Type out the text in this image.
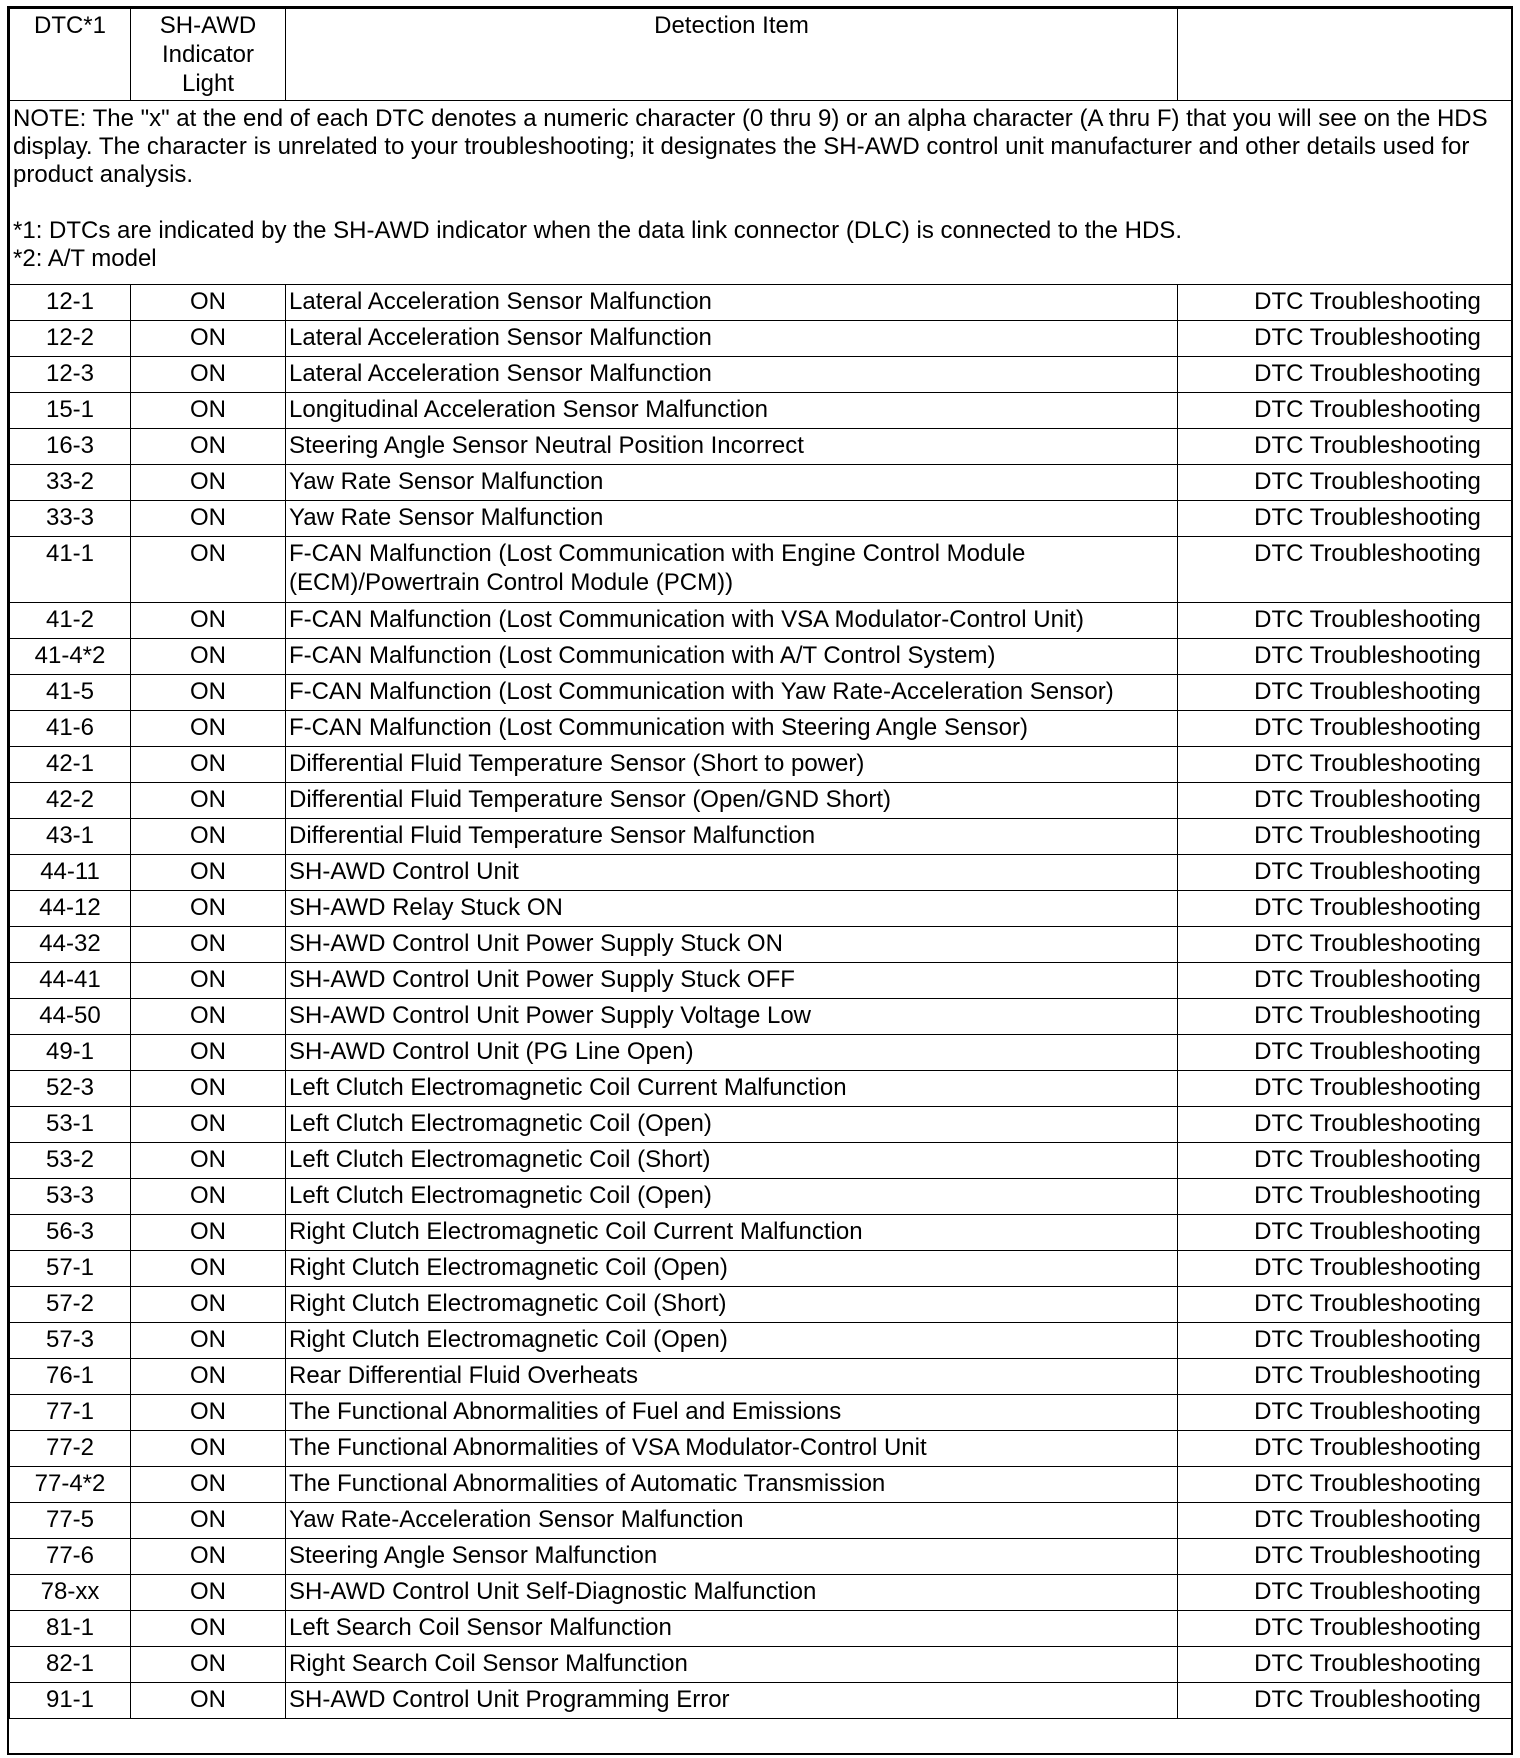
DTC*1	SH-AWD
Indicator
Light	Detection Item	

NOTE: The "x" at the end of each DTC denotes a numeric character (0 thru 9) or an alpha character (A thru F) that you will see on the HDS display. The character is unrelated to your troubleshooting; it designates the SH-AWD control unit manufacturer and other details used for product analysis.

*1: DTCs are indicated by the SH-AWD indicator when the data link connector (DLC) is connected to the HDS.

*2: A/T model			

12-1	ON	Lateral Acceleration Sensor Malfunction	DTC Troubleshooting
12-2	ON	Lateral Acceleration Sensor Malfunction	DTC Troubleshooting
12-3	ON	Lateral Acceleration Sensor Malfunction	DTC Troubleshooting
15-1	ON	Longitudinal Acceleration Sensor Malfunction	DTC Troubleshooting
16-3	ON	Steering Angle Sensor Neutral Position Incorrect	DTC Troubleshooting
33-2	ON	Yaw Rate Sensor Malfunction	DTC Troubleshooting
33-3	ON	Yaw Rate Sensor Malfunction	DTC Troubleshooting
41-1	ON	F-CAN Malfunction (Lost Communication with Engine Control Module (ECM)/Powertrain Control Module (PCM))	DTC Troubleshooting
41-2	ON	F-CAN Malfunction (Lost Communication with VSA Modulator-Control Unit)	DTC Troubleshooting
41-4*2	ON	F-CAN Malfunction (Lost Communication with A/T Control System)	DTC Troubleshooting
41-5	ON	F-CAN Malfunction (Lost Communication with Yaw Rate-Acceleration Sensor)	DTC Troubleshooting
41-6	ON	F-CAN Malfunction (Lost Communication with Steering Angle Sensor)	DTC Troubleshooting
42-1	ON	Differential Fluid Temperature Sensor (Short to power)	DTC Troubleshooting
42-2	ON	Differential Fluid Temperature Sensor (Open/GND Short)	DTC Troubleshooting
43-1	ON	Differential Fluid Temperature Sensor Malfunction	DTC Troubleshooting
44-11	ON	SH-AWD Control Unit	DTC Troubleshooting
44-12	ON	SH-AWD Relay Stuck ON	DTC Troubleshooting
44-32	ON	SH-AWD Control Unit Power Supply Stuck ON	DTC Troubleshooting
44-41	ON	SH-AWD Control Unit Power Supply Stuck OFF	DTC Troubleshooting
44-50	ON	SH-AWD Control Unit Power Supply Voltage Low	DTC Troubleshooting
49-1	ON	SH-AWD Control Unit (PG Line Open)	DTC Troubleshooting
52-3	ON	Left Clutch Electromagnetic Coil Current Malfunction	DTC Troubleshooting
53-1	ON	Left Clutch Electromagnetic Coil (Open)	DTC Troubleshooting
53-2	ON	Left Clutch Electromagnetic Coil (Short)	DTC Troubleshooting
53-3	ON	Left Clutch Electromagnetic Coil (Open)	DTC Troubleshooting
56-3	ON	Right Clutch Electromagnetic Coil Current Malfunction	DTC Troubleshooting
57-1	ON	Right Clutch Electromagnetic Coil (Open)	DTC Troubleshooting
57-2	ON	Right Clutch Electromagnetic Coil (Short)	DTC Troubleshooting
57-3	ON	Right Clutch Electromagnetic Coil (Open)	DTC Troubleshooting
76-1	ON	Rear Differential Fluid Overheats	DTC Troubleshooting
77-1	ON	The Functional Abnormalities of Fuel and Emissions	DTC Troubleshooting
77-2	ON	The Functional Abnormalities of VSA Modulator-Control Unit	DTC Troubleshooting
77-4*2	ON	The Functional Abnormalities of Automatic Transmission	DTC Troubleshooting
77-5	ON	Yaw Rate-Acceleration Sensor Malfunction	DTC Troubleshooting
77-6	ON	Steering Angle Sensor Malfunction	DTC Troubleshooting
78-xx	ON	SH-AWD Control Unit Self-Diagnostic Malfunction	DTC Troubleshooting
81-1	ON	Left Search Coil Sensor Malfunction	DTC Troubleshooting
82-1	ON	Right Search Coil Sensor Malfunction	DTC Troubleshooting
91-1	ON	SH-AWD Control Unit Programming Error	DTC Troubleshooting
